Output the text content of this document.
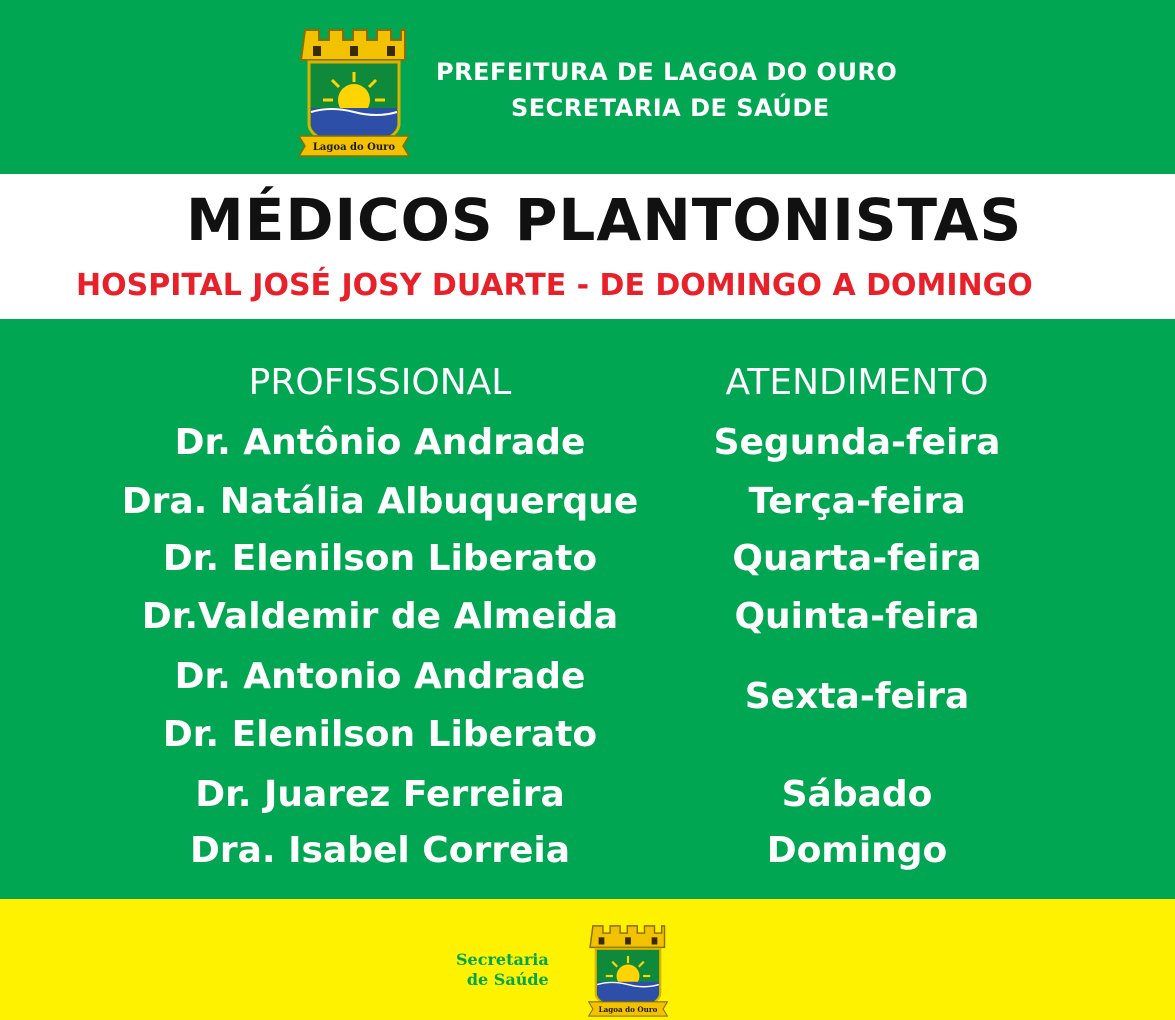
Lagoa do Ouro
PREFEITURA DE LAGOA DO OURO
SECRETARIA DE SAÚDE
MÉDICOS PLANTONISTAS
HOSPITAL JOSÉ JOSY DUARTE - DE DOMINGO A DOMINGO
PROFISSIONAL	ATENDIMENTO
Dr. Antônio Andrade
Dra. Natália Albuquerque
Dr. Elenilson Liberato
Dr.Valdemir de Almeida
Dr. Antonio Andrade
Dr. Elenilson Liberato
Dr. Juarez Ferreira
Dra. Isabel Correia
Segunda-feira
Terça-feira
Quarta-feira
Quinta-feira
Sexta-feira
Sábado
Domingo
Secretaria
de Saúde
Lagoa do Ouro
